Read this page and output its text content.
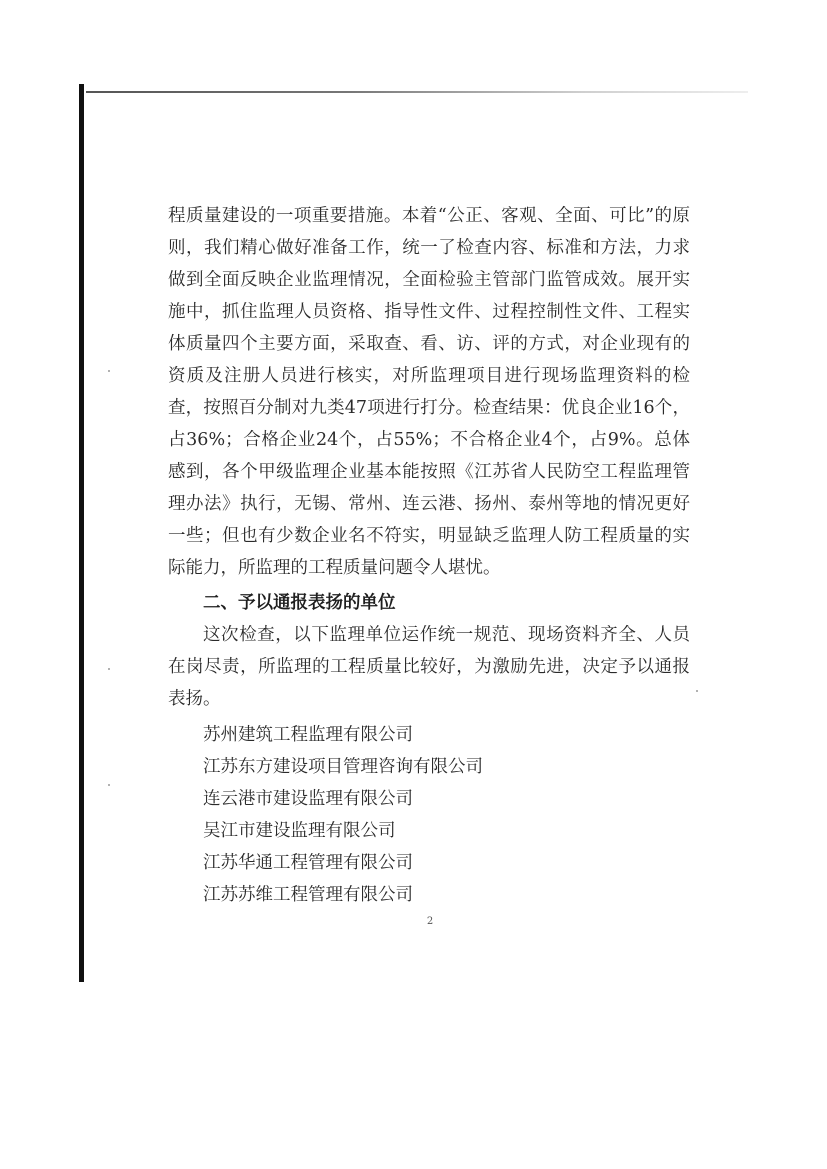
程质量建设的一项重要措施。本着“公正、客观、全面、可比”的原则，我们精心做好准备工作，统一了检查内容、标准和方法，力求做到全面反映企业监理情况，全面检验主管部门监管成效。展开实施中，抓住监理人员资格、指导性文件、过程控制性文件、工程实体质量四个主要方面，采取查、看、访、评的方式，对企业现有的资质及注册人员进行核实，对所监理项目进行现场监理资料的检查，按照百分制对九类47项进行打分。检查结果：优良企业16个，占36%；合格企业24个，占55%；不合格企业4个，占9%。总体感到，各个甲级监理企业基本能按照《江苏省人民防空工程监理管理办法》执行，无锡、常州、连云港、扬州、泰州等地的情况更好一些；但也有少数企业名不符实，明显缺乏监理人防工程质量的实际能力，所监理的工程质量问题令人堪忧。

二、予以通报表扬的单位

这次检查，以下监理单位运作统一规范、现场资料齐全、人员在岗尽责，所监理的工程质量比较好，为激励先进，决定予以通报表扬。

苏州建筑工程监理有限公司
江苏东方建设项目管理咨询有限公司
连云港市建设监理有限公司
吴江市建设监理有限公司
江苏华通工程管理有限公司
江苏苏维工程管理有限公司
2
